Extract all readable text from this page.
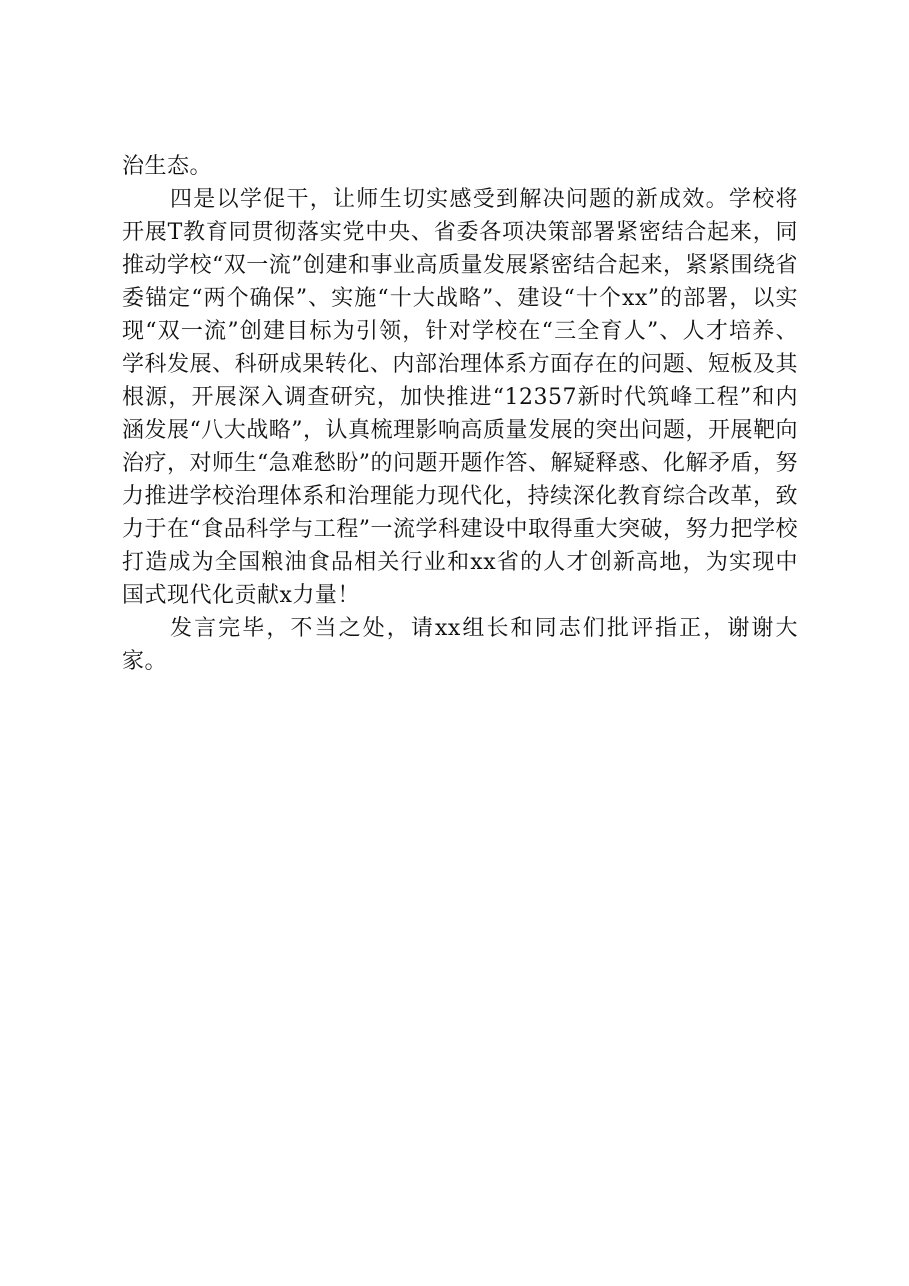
治生态。

四是以学促干，让师生切实感受到解决问题的新成效。学校将开展T教育同贯彻落实党中央、省委各项决策部署紧密结合起来，同推动学校“双一流”创建和事业高质量发展紧密结合起来，紧紧围绕省委锚定“两个确保”、实施“十大战略”、建设“十个xx”的部署，以实现“双一流”创建目标为引领，针对学校在“三全育人”、人才培养、学科发展、科研成果转化、内部治理体系方面存在的问题、短板及其根源，开展深入调查研究，加快推进“12357新时代筑峰工程”和内涵发展“八大战略”，认真梳理影响高质量发展的突出问题，开展靶向治疗，对师生“急难愁盼”的问题开题作答、解疑释惑、化解矛盾，努力推进学校治理体系和治理能力现代化，持续深化教育综合改革，致力于在“食品科学与工程”一流学科建设中取得重大突破，努力把学校打造成为全国粮油食品相关行业和xx省的人才创新高地，为实现中国式现代化贡献x力量！

发言完毕，不当之处，请xx组长和同志们批评指正，谢谢大家。
